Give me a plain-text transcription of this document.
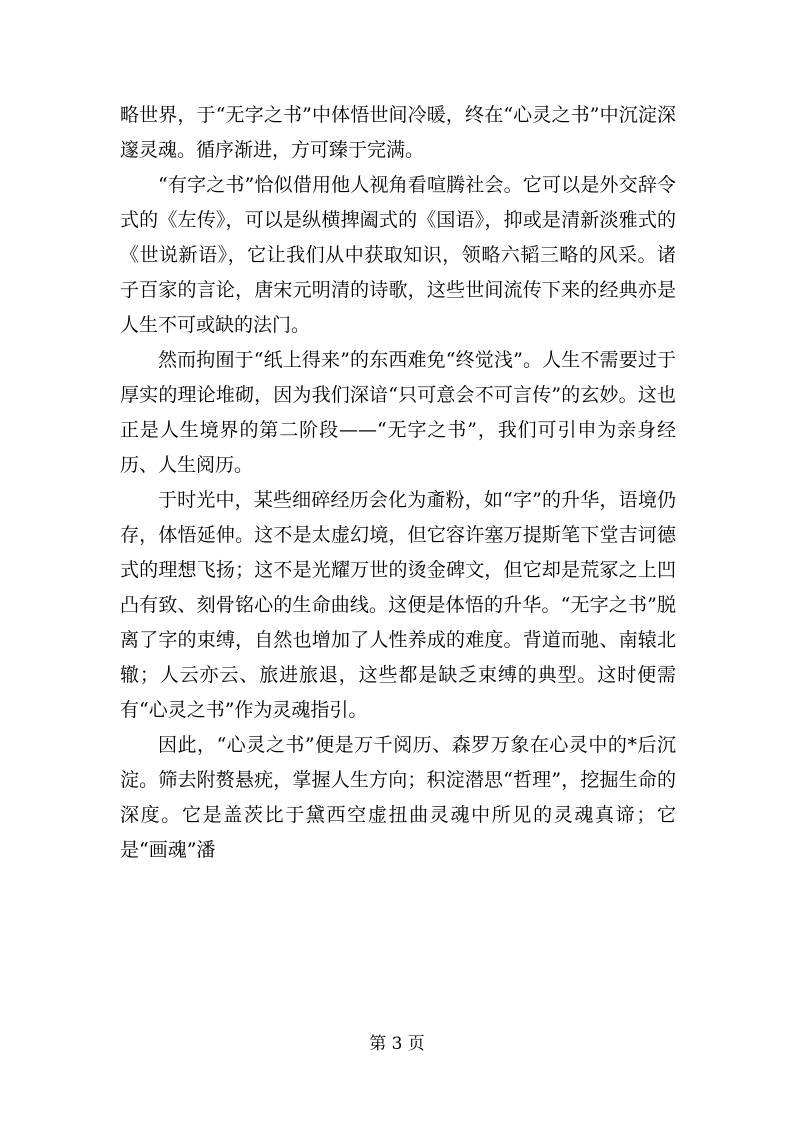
略世界，于“无字之书”中体悟世间冷暖，终在“心灵之书”中沉淀深邃灵魂。循序渐进，方可臻于完满。

“有字之书”恰似借用他人视角看喧腾社会。它可以是外交辞令式的《左传》，可以是纵横捭阖式的《国语》，抑或是清新淡雅式的《世说新语》，它让我们从中获取知识，领略六韬三略的风采。诸子百家的言论，唐宋元明清的诗歌，这些世间流传下来的经典亦是人生不可或缺的法门。

然而拘囿于“纸上得来”的东西难免“终觉浅”。人生不需要过于厚实的理论堆砌，因为我们深谙“只可意会不可言传”的玄妙。这也正是人生境界的第二阶段——“无字之书”，我们可引申为亲身经历、人生阅历。

于时光中，某些细碎经历会化为齑粉，如“字”的升华，语境仍存，体悟延伸。这不是太虚幻境，但它容许塞万提斯笔下堂吉诃德式的理想飞扬；这不是光耀万世的烫金碑文，但它却是荒冢之上凹凸有致、刻骨铭心的生命曲线。这便是体悟的升华。“无字之书”脱离了字的束缚，自然也增加了人性养成的难度。背道而驰、南辕北辙；人云亦云、旅进旅退，这些都是缺乏束缚的典型。这时便需有“心灵之书”作为灵魂指引。

因此，“心灵之书”便是万千阅历、森罗万象在心灵中的*后沉淀。筛去附赘悬疣，掌握人生方向；积淀潜思“哲理”，挖掘生命的深度。它是盖茨比于黛西空虚扭曲灵魂中所见的灵魂真谛；它是“画魂”潘

第 3 页
